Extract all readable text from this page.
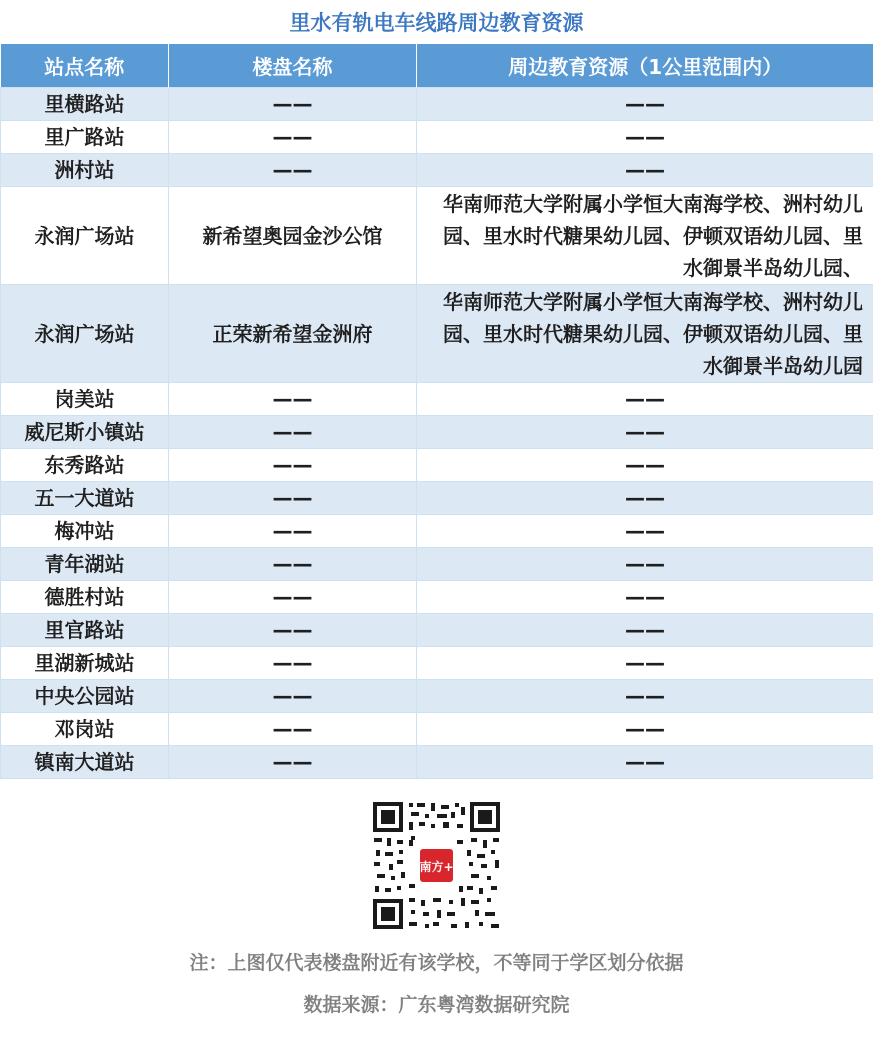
里水有轨电车线路周边教育资源
站点名称	楼盘名称	周边教育资源（1公里范围内）
里横路站	——	——
里广路站	——	——
洲村站	——	——
永润广场站	新希望奥园金沙公馆	华南师范大学附属小学恒大南海学校、洲村幼儿园、里水时代糖果幼儿园、伊顿双语幼儿园、里水御景半岛幼儿园、
永润广场站	正荣新希望金洲府	华南师范大学附属小学恒大南海学校、洲村幼儿园、里水时代糖果幼儿园、伊顿双语幼儿园、里水御景半岛幼儿园
岗美站	——	——
威尼斯小镇站	——	——
东秀路站	——	——
五一大道站	——	——
梅冲站	——	——
青年湖站	——	——
德胜村站	——	——
里官路站	——	——
里湖新城站	——	——
中央公园站	——	——
邓岗站	——	——
镇南大道站	——	——
南方+
注：上图仅代表楼盘附近有该学校，不等同于学区划分依据
数据来源：广东粤湾数据研究院
